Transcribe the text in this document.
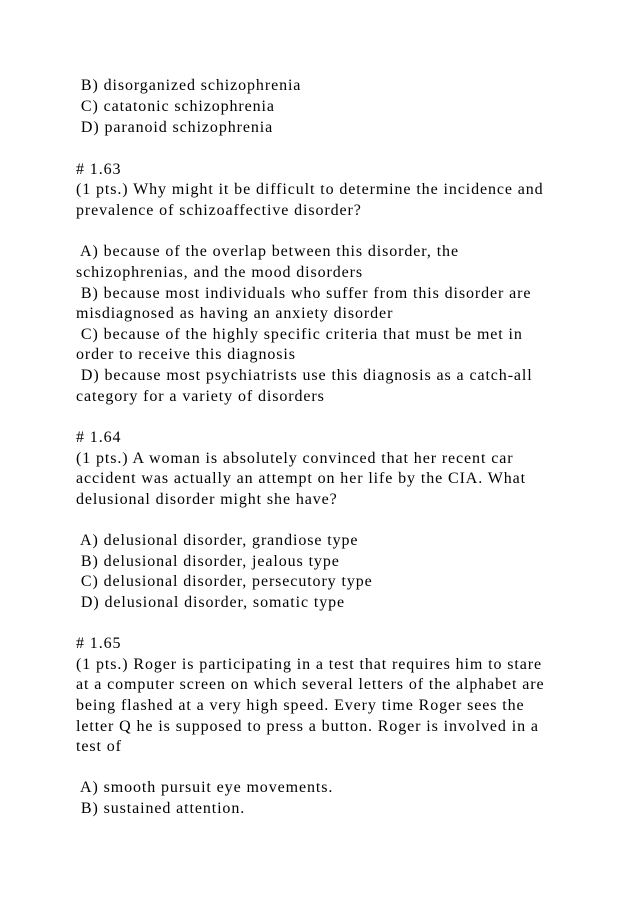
B) disorganized schizophrenia
C) catatonic schizophrenia
D) paranoid schizophrenia
# 1.63
(1 pts.) Why might it be difficult to determine the incidence and
prevalence of schizoaffective disorder?
A) because of the overlap between this disorder, the
schizophrenias, and the mood disorders
B) because most individuals who suffer from this disorder are
misdiagnosed as having an anxiety disorder
C) because of the highly specific criteria that must be met in
order to receive this diagnosis
D) because most psychiatrists use this diagnosis as a catch-all
category for a variety of disorders
# 1.64
(1 pts.) A woman is absolutely convinced that her recent car
accident was actually an attempt on her life by the CIA. What
delusional disorder might she have?
A) delusional disorder, grandiose type
B) delusional disorder, jealous type
C) delusional disorder, persecutory type
D) delusional disorder, somatic type
# 1.65
(1 pts.) Roger is participating in a test that requires him to stare
at a computer screen on which several letters of the alphabet are
being flashed at a very high speed. Every time Roger sees the
letter Q he is supposed to press a button. Roger is involved in a
test of
A) smooth pursuit eye movements.
B) sustained attention.
